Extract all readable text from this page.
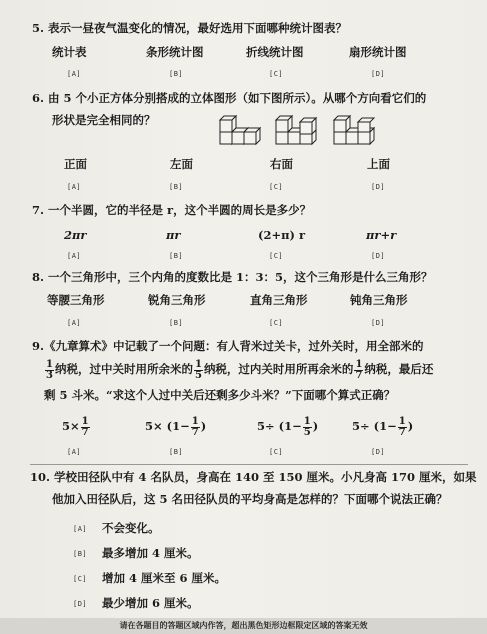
5. 表示一昼夜气温变化的情况，最好选用下面哪种统计图表？
统计表	条形统计图	折线统计图	扇形统计图
[A]	[B]	[C]	[D]
6. 由 5 个小正方体分别搭成的立体图形（如下图所示）。从哪个方向看它们的
形状是完全相同的？
正面	左面	右面	上面
[A]	[B]	[C]	[D]
7. 一个半圆，它的半径是 r，这个半圆的周长是多少？
2πr	πr	(2+π) r	πr+r
[A]	[B]	[C]	[D]
8. 一个三角形中，三个内角的度数比是 1：3：5，这个三角形是什么三角形？
等腰三角形	锐角三角形	直角三角形	钝角三角形
[A]	[B]	[C]	[D]
9.《九章算术》中记载了一个问题：有人背米过关卡，过外关时，用全部米的
$\frac{1}{3}$ 纳税，过中关时用所余米的 $\frac{1}{5}$ 纳税，过内关时用所再余米的 $\frac{1}{7}$ 纳税，最后还
剩 5 斗米。“求这个人过中关后还剩多少斗米？”下面哪个算式正确？
$5\times \frac{1}{7}$	$5\times (1- \frac{1}{7}$ )	$5\div (1- \frac{1}{5}$ )	$5\div (1- \frac{1}{7}$ )
[A]	[B]	[C]	[D]
10. 学校田径队中有 4 名队员，身高在 140 至 150 厘米。小凡身高 170 厘米，如果
他加入田径队后，这 5 名田径队员的平均身高是怎样的？下面哪个说法正确？
[A] 不会变化。
[B] 最多增加 4 厘米。
[C] 增加 4 厘米至 6 厘米。
[D] 最少增加 6 厘米。
请在各题目的答题区域内作答，超出黑色矩形边框限定区域的答案无效
